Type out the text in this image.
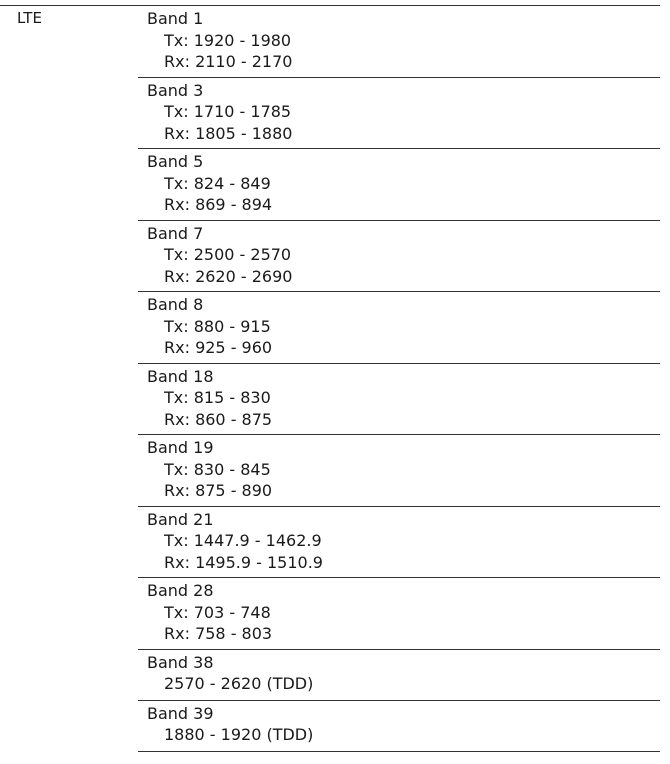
LTE	Band 1
Tx: 1920 - 1980
Rx: 2110 - 2170
Band 3
Tx: 1710 - 1785
Rx: 1805 - 1880
Band 5
Tx: 824 - 849
Rx: 869 - 894
Band 7
Tx: 2500 - 2570
Rx: 2620 - 2690
Band 8
Tx: 880 - 915
Rx: 925 - 960
Band 18
Tx: 815 - 830
Rx: 860 - 875
Band 19
Tx: 830 - 845
Rx: 875 - 890
Band 21
Tx: 1447.9 - 1462.9
Rx: 1495.9 - 1510.9
Band 28
Tx: 703 - 748
Rx: 758 - 803
Band 38
2570 - 2620 (TDD)
Band 39
1880 - 1920 (TDD)
